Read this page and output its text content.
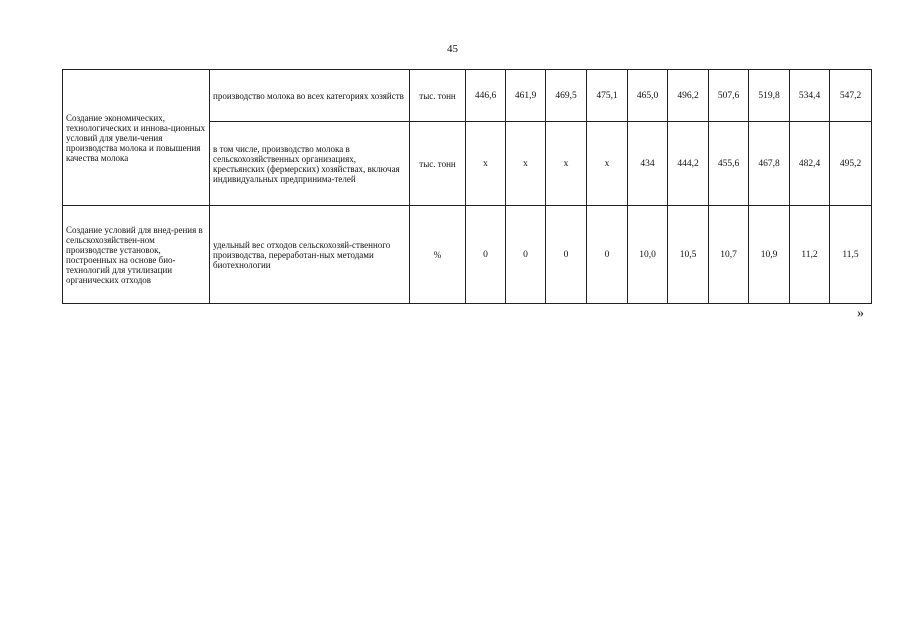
45
Создание экономических, технологических и иннова-ционных условий для увели-чения производства молока и повышения качества молока	производство молока во всех категориях хозяйств	тыс. тонн	446,6	461,9	469,5	475,1	465,0	496,2	507,6	519,8	534,4	547,2
	в том числе, производство молока в сельскохозяйственных организациях, крестьянских (фермерских) хозяйствах, включая индивидуальных предпринима-телей	тыс. тонн	x	x	x	x	434	444,2	455,6	467,8	482,4	495,2
Создание условий для внед-рения в сельскохозяйствен-ном производстве установок, построенных на основе био-технологий для утилизации органических отходов	удельный вес отходов сельскохозяй-ственного производства, переработан-ных методами биотехнологии	%	0	0	0	0	10,0	10,5	10,7	10,9	11,2	11,5
»
